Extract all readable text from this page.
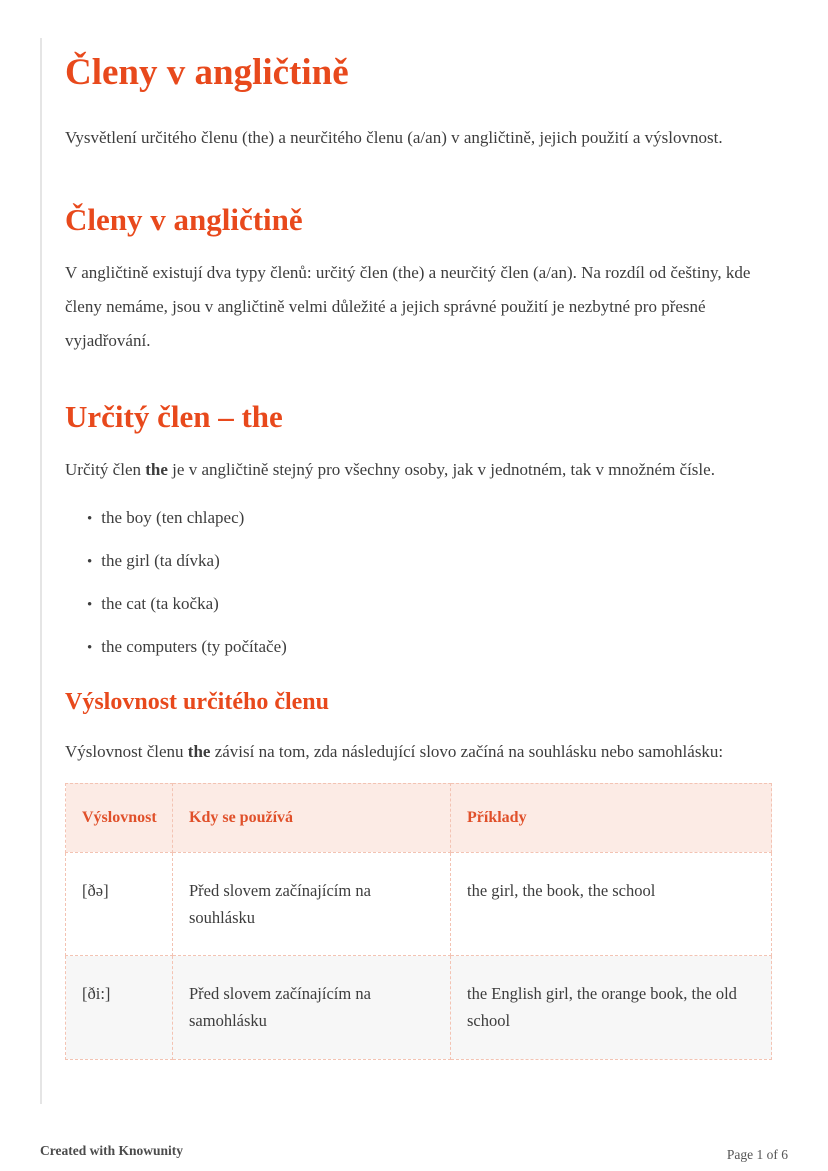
Členy v angličtině

Vysvětlení určitého členu (the) a neurčitého členu (a/an) v angličtině, jejich použití a výslovnost.

Členy v angličtině

V angličtině existují dva typy členů: určitý člen (the) a neurčitý člen (a/an). Na rozdíl od češtiny, kde členy nemáme, jsou v angličtině velmi důležité a jejich správné použití je nezbytné pro přesné vyjadřování.

Určitý člen – the

Určitý člen the je v angličtině stejný pro všechny osoby, jak v jednotném, tak v množném čísle.

• the boy (ten chlapec)
• the girl (ta dívka)
• the cat (ta kočka)
• the computers (ty počítače)
Výslovnost určitého členu

Výslovnost členu the závisí na tom, zda následující slovo začíná na souhlásku nebo samohlásku:

Výslovnost	Kdy se používá	Příklady
[ðə]	Před slovem začínajícím na souhlásku	the girl, the book, the school
[ði:]	Před slovem začínajícím na samohlásku	the English girl, the orange book, the old school
Created with Knowunity	Page 1 of 6
